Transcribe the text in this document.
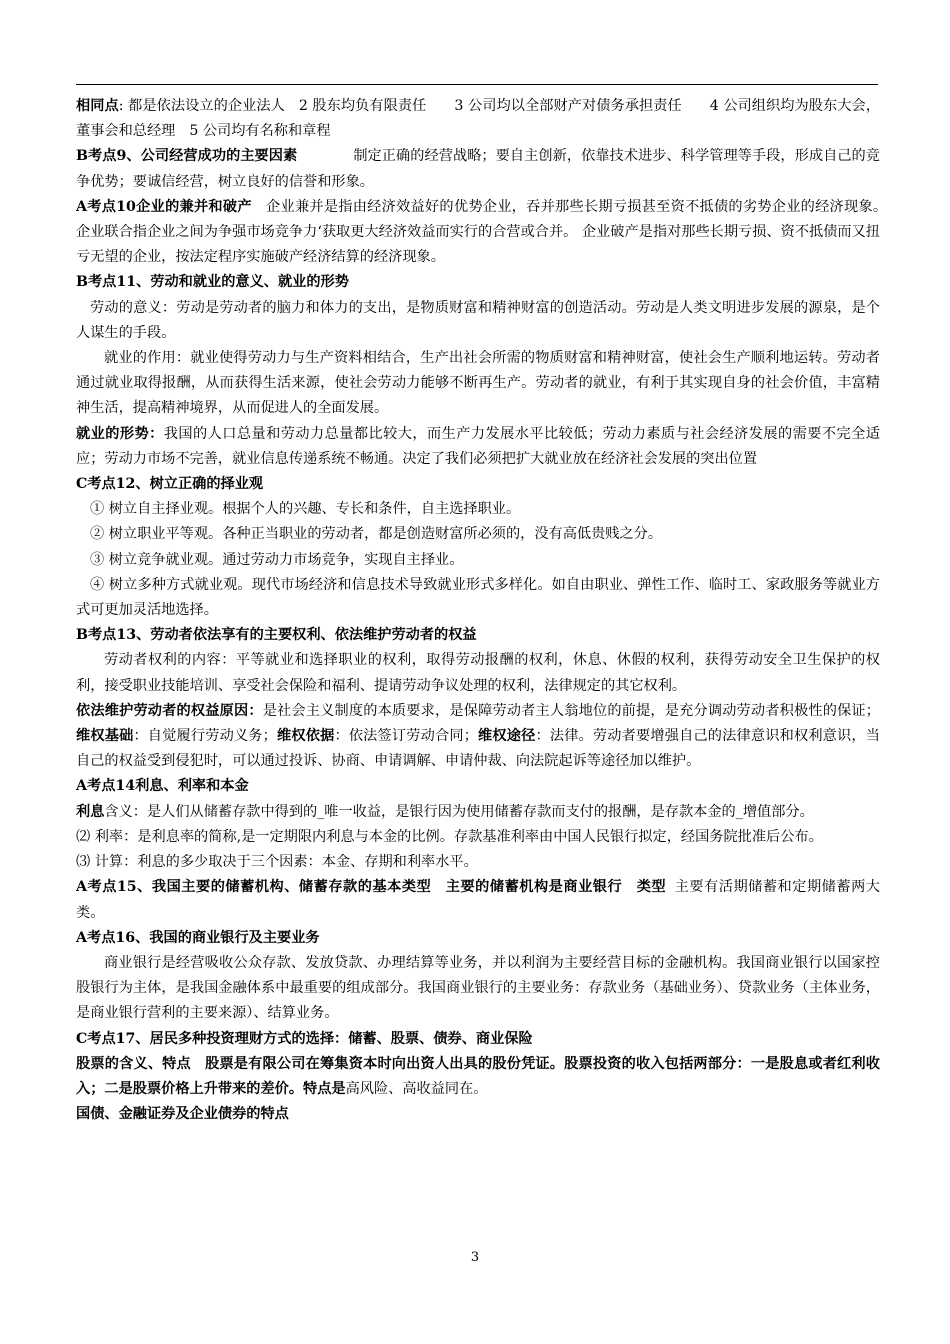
相同点: 都是依法设立的企业法人 2 股东均负有限责任 3 公司均以全部财产对债务承担责任 4 公司组织均为股东大会，董事会和总经理 5 公司均有名称和章程

B考点9、公司经营成功的主要因素	制定正确的经营战略；要自主创新，依靠技术进步、科学管理等手段，形成自己的竞争优势；要诚信经营，树立良好的信誉和形象。

A考点10企业的兼并和破产 企业兼并是指由经济效益好的优势企业，吞并那些长期亏损甚至资不抵债的劣势企业的经济现象。　企业联合指企业之间为争强市场竞争力‘获取更大经济效益而实行的合营或合并。 企业破产是指对那些长期亏损、资不抵债而又扭亏无望的企业，按法定程序实施破产经济结算的经济现象。

B考点11、劳动和就业的意义、就业的形势

劳动的意义：劳动是劳动者的脑力和体力的支出，是物质财富和精神财富的创造活动。劳动是人类文明进步发展的源泉，是个人谋生的手段。

就业的作用：就业使得劳动力与生产资料相结合，生产出社会所需的物质财富和精神财富，使社会生产顺利地运转。劳动者通过就业取得报酬，从而获得生活来源，使社会劳动力能够不断再生产。劳动者的就业，有利于其实现自身的社会价值，丰富精神生活，提高精神境界，从而促进人的全面发展。

就业的形势：我国的人口总量和劳动力总量都比较大，而生产力发展水平比较低；劳动力素质与社会经济发展的需要不完全适应；劳动力市场不完善，就业信息传递系统不畅通。决定了我们必须把扩大就业放在经济社会发展的突出位置

C考点12、树立正确的择业观

① 树立自主择业观。根据个人的兴趣、专长和条件，自主选择职业。

② 树立职业平等观。各种正当职业的劳动者，都是创造财富所必须的，没有高低贵贱之分。

③ 树立竞争就业观。通过劳动力市场竞争，实现自主择业。

④ 树立多种方式就业观。现代市场经济和信息技术导致就业形式多样化。如自由职业、弹性工作、临时工、家政服务等就业方式可更加灵活地选择。

B考点13、劳动者依法享有的主要权利、依法维护劳动者的权益

劳动者权利的内容：平等就业和选择职业的权利，取得劳动报酬的权利，休息、休假的权利，获得劳动安全卫生保护的权利，接受职业技能培训、享受社会保险和福利、提请劳动争议处理的权利，法律规定的其它权利。

依法维护劳动者的权益原因：是社会主义制度的本质要求，是保障劳动者主人翁地位的前提，是充分调动劳动者积极性的保证；维权基础：自觉履行劳动义务；维权依据：依法签订劳动合同；维权途径：法律。劳动者要增强自己的法律意识和权利意识，当自己的权益受到侵犯时，可以通过投诉、协商、申请调解、申请仲裁、向法院起诉等途径加以维护。

A考点14利息、利率和本金

利息含义：是人们从储蓄存款中得到的_唯一收益，是银行因为使用储蓄存款而支付的报酬，是存款本金的_增值部分。

⑵ 利率：是利息率的简称,是一定期限内利息与本金的比例。存款基准利率由中国人民银行拟定，经国务院批准后公布。

⑶ 计算：利息的多少取决于三个因素：本金、存期和利率水平。

A考点15、我国主要的储蓄机构、储蓄存款的基本类型 主要的储蓄机构是商业银行 类型 主要有活期储蓄和定期储蓄两大类。

A考点16、我国的商业银行及主要业务

商业银行是经营吸收公众存款、发放贷款、办理结算等业务，并以利润为主要经营目标的金融机构。我国商业银行以国家控股银行为主体，是我国金融体系中最重要的组成部分。我国商业银行的主要业务：存款业务（基础业务）、贷款业务（主体业务，是商业银行营利的主要来源）、结算业务。

C考点17、居民多种投资理财方式的选择：储蓄、股票、债券、商业保险

股票的含义、特点 股票是有限公司在筹集资本时向出资人出具的股份凭证。股票投资的收入包括两部分：一是股息或者红利收入；二是股票价格上升带来的差价。特点是高风险、高收益同在。

国债、金融证券及企业债券的特点

3
